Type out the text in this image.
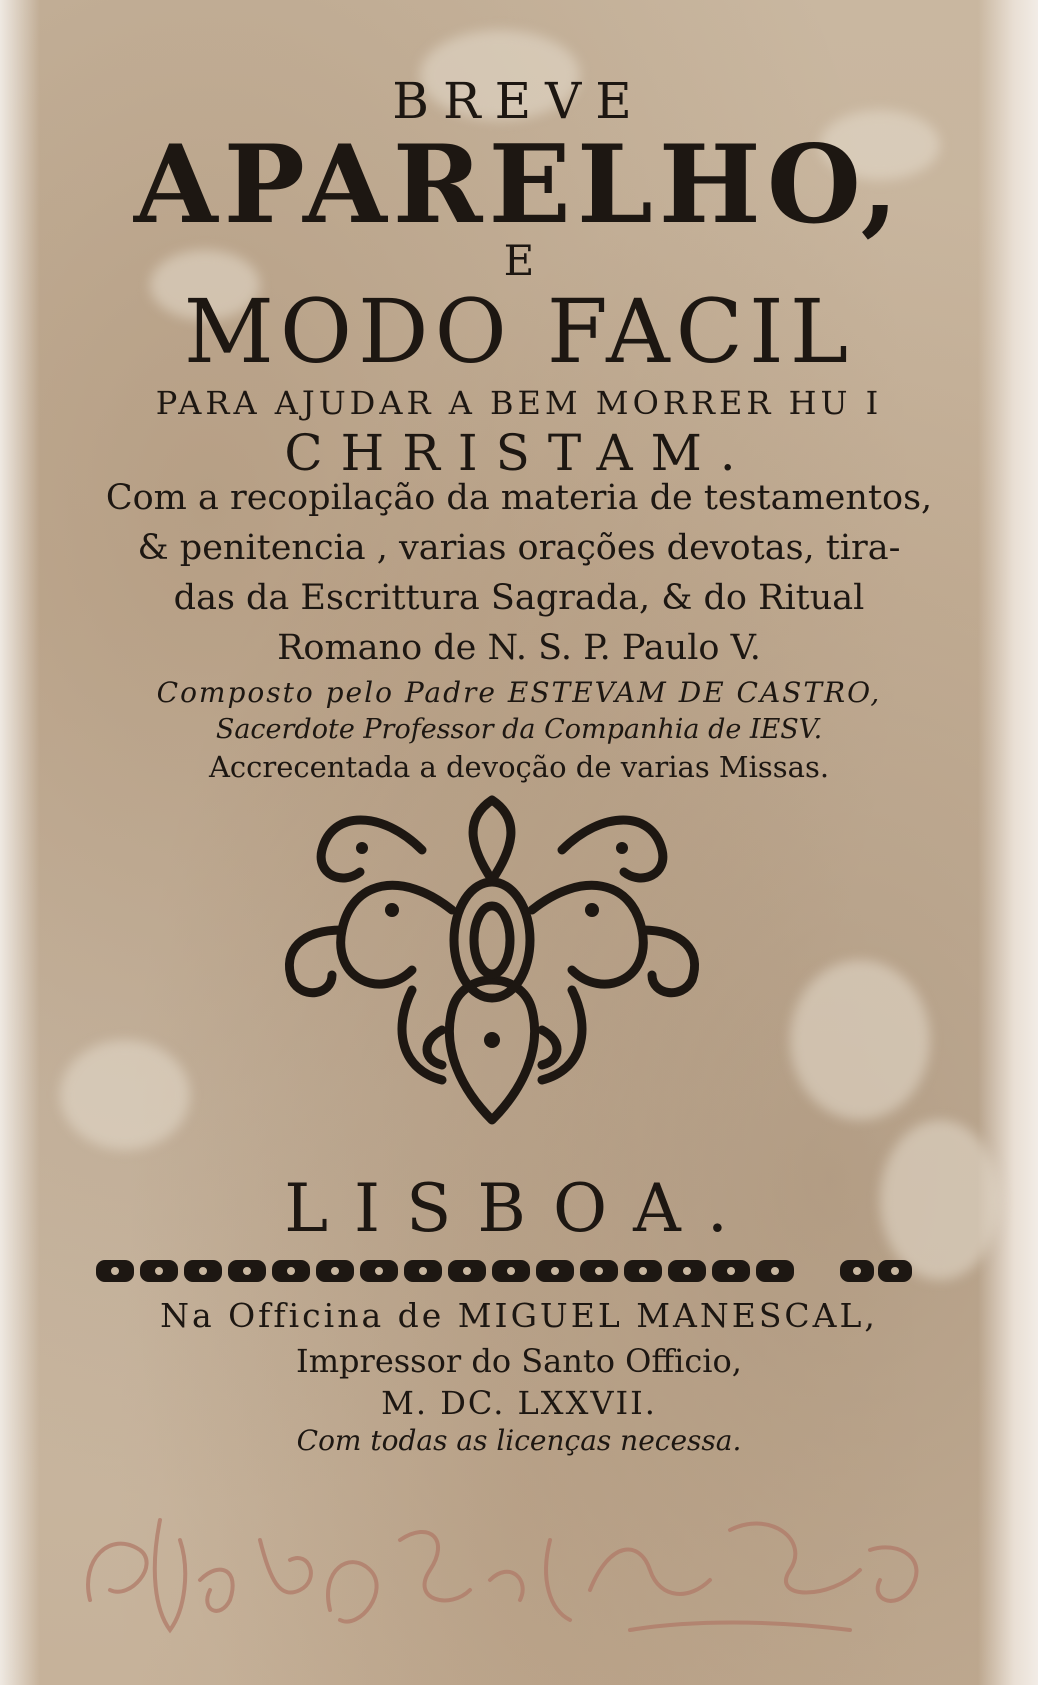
BREVE
APARELHO,
E
MODO FACIL
PARA AJUDAR A BEM MORRER HU I
CHRISTAM.
Com a recopilação da materia de testamentos,
& penitencia , varias orações devotas, tira-
das da Escrittura Sagrada, & do Ritual
Romano de N. S. P. Paulo V.
Composto pelo Padre ESTEVAM DE CASTRO,
Sacerdote Professor da Companhia de IESV.
Accrecentada a devoção de varias Missas.
LISBOA.
Na Officina de MIGUEL MANESCAL,
Impressor do Santo Officio,
M. DC. LXXVII.
Com todas as licenças necessa.
